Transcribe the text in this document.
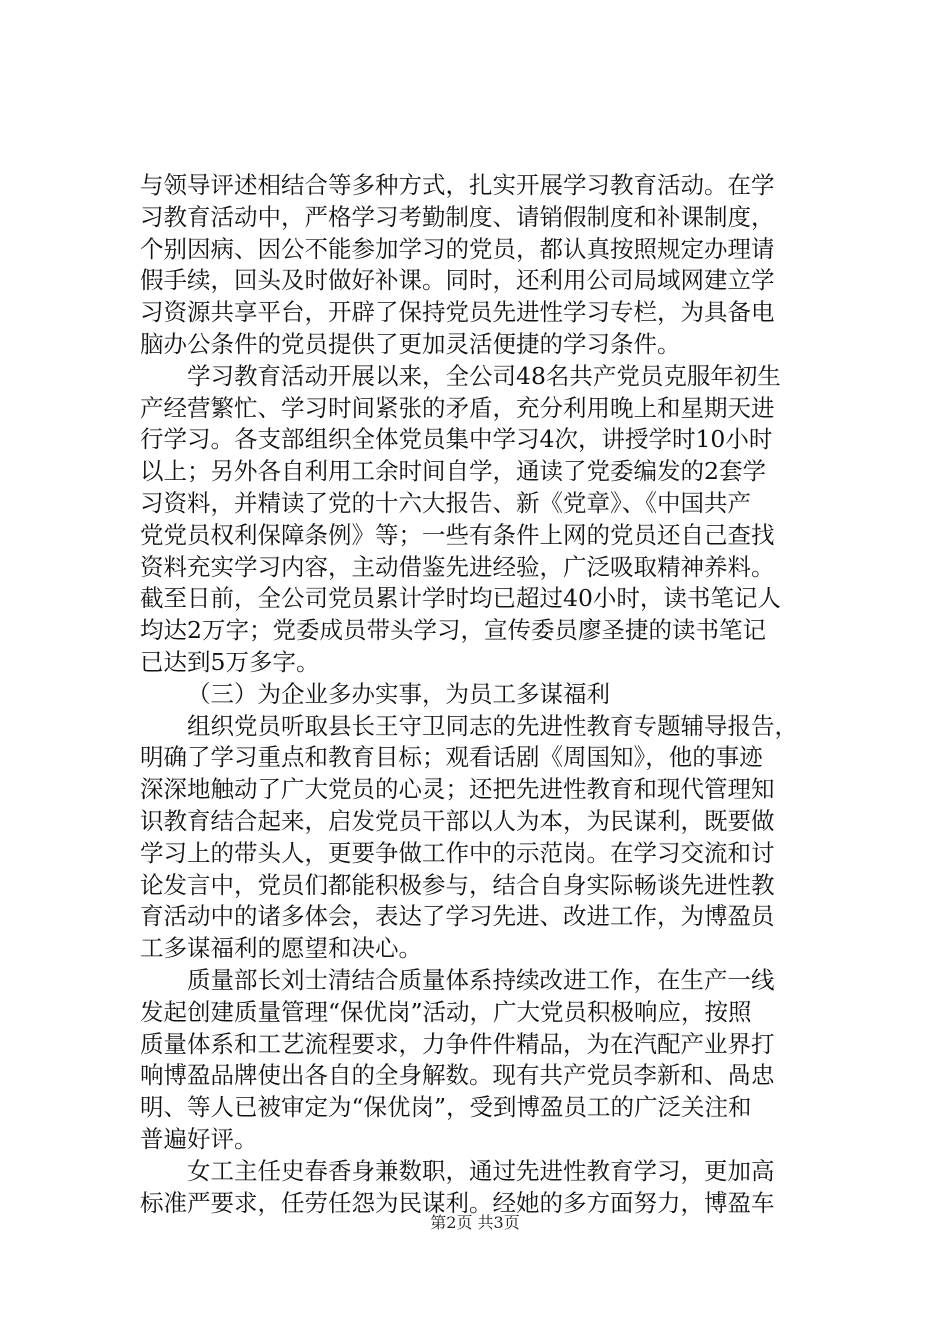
与领导评述相结合等多种方式，扎实开展学习教育活动。在学
习教育活动中，严格学习考勤制度、请销假制度和补课制度，
个别因病、因公不能参加学习的党员，都认真按照规定办理请
假手续，回头及时做好补课。同时，还利用公司局域网建立学
习资源共享平台，开辟了保持党员先进性学习专栏，为具备电
脑办公条件的党员提供了更加灵活便捷的学习条件。
学习教育活动开展以来，全公司48名共产党员克服年初生
产经营繁忙、学习时间紧张的矛盾，充分利用晚上和星期天进
行学习。各支部组织全体党员集中学习4次，讲授学时10小时
以上；另外各自利用工余时间自学，通读了党委编发的2套学
习资料，并精读了党的十六大报告、新《党章》、《中国共产
党党员权利保障条例》等；一些有条件上网的党员还自己查找
资料充实学习内容，主动借鉴先进经验，广泛吸取精神养料。
截至日前，全公司党员累计学时均已超过40小时，读书笔记人
均达2万字；党委成员带头学习，宣传委员廖圣捷的读书笔记
已达到5万多字。
（三）为企业多办实事，为员工多谋福利
组织党员听取县长王守卫同志的先进性教育专题辅导报告，
明确了学习重点和教育目标；观看话剧《周国知》，他的事迹
深深地触动了广大党员的心灵；还把先进性教育和现代管理知
识教育结合起来，启发党员干部以人为本，为民谋利，既要做
学习上的带头人，更要争做工作中的示范岗。在学习交流和讨
论发言中，党员们都能积极参与，结合自身实际畅谈先进性教
育活动中的诸多体会，表达了学习先进、改进工作，为博盈员
工多谋福利的愿望和决心。
质量部长刘士清结合质量体系持续改进工作，在生产一线
发起创建质量管理“保优岗”活动，广大党员积极响应，按照
质量体系和工艺流程要求，力争件件精品，为在汽配产业界打
响博盈品牌使出各自的全身解数。现有共产党员李新和、咼忠
明、等人已被审定为“保优岗”，受到博盈员工的广泛关注和
普遍好评。
女工主任史春香身兼数职，通过先进性教育学习，更加高
标准严要求，任劳任怨为民谋利。经她的多方面努力，博盈车
第2页 共3页
